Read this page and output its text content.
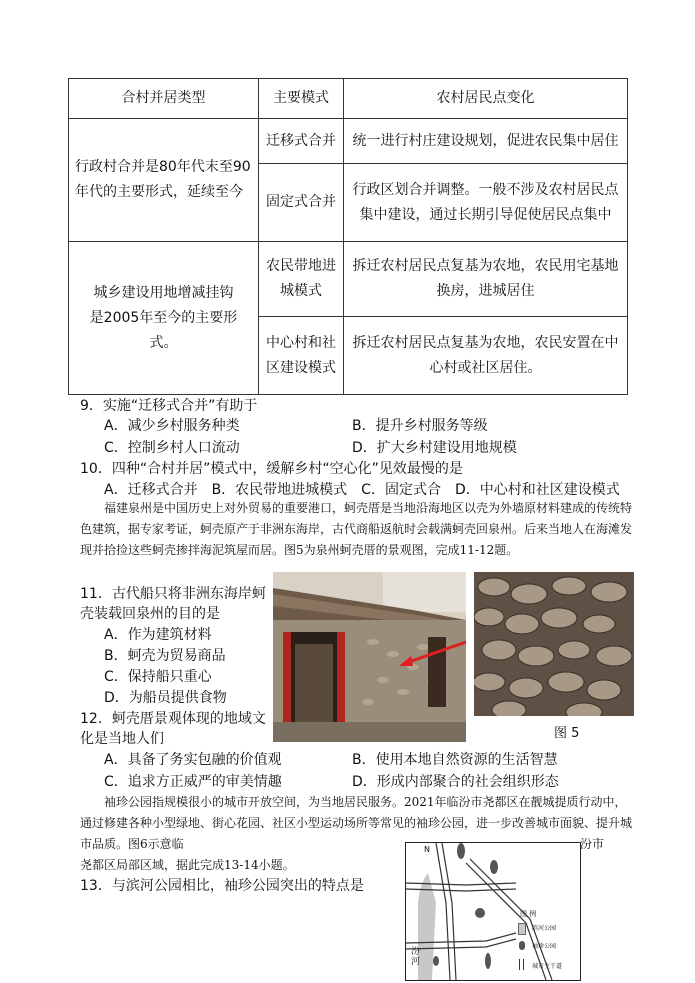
合村并居类型	主要模式	农村居民点变化
行政村合并是80年代末至90年代的主要形式，延续至今	迁移式合并	统一进行村庄建设规划，促进农民集中居住
	固定式合并	行政区划合并调整。一般不涉及农村居民点集中建设，通过长期引导促使居民点集中
城乡建设用地增减挂钩是2005年至今的主要形式。	农民带地进城模式	拆迁农村居民点复基为农地，农民用宅基地换房，进城居住
	中心村和社区建设模式	拆迁农村居民点复基为农地，农民安置在中心村或社区居住。
9．实施“迁移式合并”有助于
A．减少乡村服务种类	B．提升乡村服务等级
C．控制乡村人口流动	D．扩大乡村建设用地规模
10．四种“合村并居”模式中，缓解乡村“空心化”见效最慢的是
A．迁移式合并　B．农民带地进城模式　C．固定式合　D．中心村和社区建设模式
福建泉州是中国历史上对外贸易的重要港口，蚵壳厝是当地沿海地区以壳为外墙原材料建成的传统特色建筑，据专家考证，蚵壳原产于非洲东海岸，古代商船返航时会载满蚵壳回泉州。后来当地人在海滩发现并拾捡这些蚵壳掺拌海泥筑屋而居。图5为泉州蚵壳厝的景观图，完成11-12题。
11．古代船只将非洲东海岸蚵
壳装载回泉州的目的是
A．作为建筑材料
B．蚵壳为贸易商品
C．保持船只重心
D．为船员提供食物
12．蚵壳厝景观体现的地域文
化是当地人们
A．具备了务实包融的价值观	B．使用本地自然资源的生活智慧
C．追求方正威严的审美情趣	D．形成内部聚合的社会组织形态
图 5
袖珍公园指规模很小的城市开放空间，为当地居民服务。2021年临汾市尧都区在靓城提质行动中，通过修建各种小型绿地、街心花园、社区小型运动场所等常见的袖珍公园，进一步改善城市面貌、提升城市品质。图6示意临	汾市
尧都区局部区域，据此完成13-14小题。
13．与滨河公园相比，袖珍公园突出的特点是
N
汾河
图 例
滨河公园
袖珍公园
城市主干道
